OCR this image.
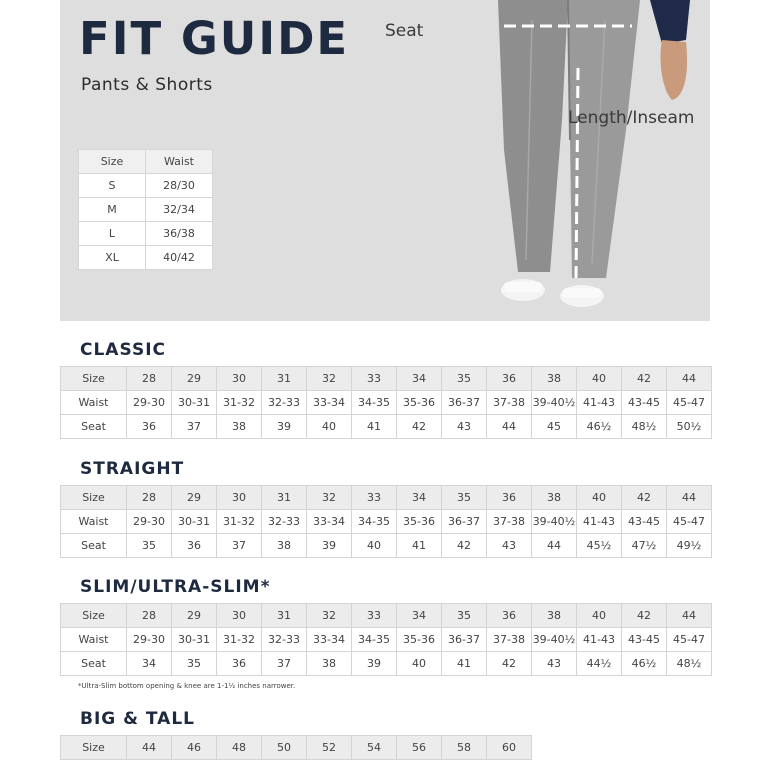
FIT GUIDE
Pants & Shorts
Size	Waist
S	28/30
M	32/34
L	36/38
XL	40/42
Seat
Length/Inseam
CLASSIC
Size	28	29	30	31	32	33	34	35	36	38	40	42	44
Waist	29-30	30-31	31-32	32-33	33-34	34-35	35-36	36-37	37-38	39-40½	41-43	43-45	45-47
Seat	36	37	38	39	40	41	42	43	44	45	46½	48½	50½
STRAIGHT
Size	28	29	30	31	32	33	34	35	36	38	40	42	44
Waist	29-30	30-31	31-32	32-33	33-34	34-35	35-36	36-37	37-38	39-40½	41-43	43-45	45-47
Seat	35	36	37	38	39	40	41	42	43	44	45½	47½	49½
SLIM/ULTRA-SLIM*
Size	28	29	30	31	32	33	34	35	36	38	40	42	44
Waist	29-30	30-31	31-32	32-33	33-34	34-35	35-36	36-37	37-38	39-40½	41-43	43-45	45-47
Seat	34	35	36	37	38	39	40	41	42	43	44½	46½	48½
*Ultra-Slim bottom opening & knee are 1-1½ inches narrower.
BIG & TALL
Size	44	46	48	50	52	54	56	58	60
